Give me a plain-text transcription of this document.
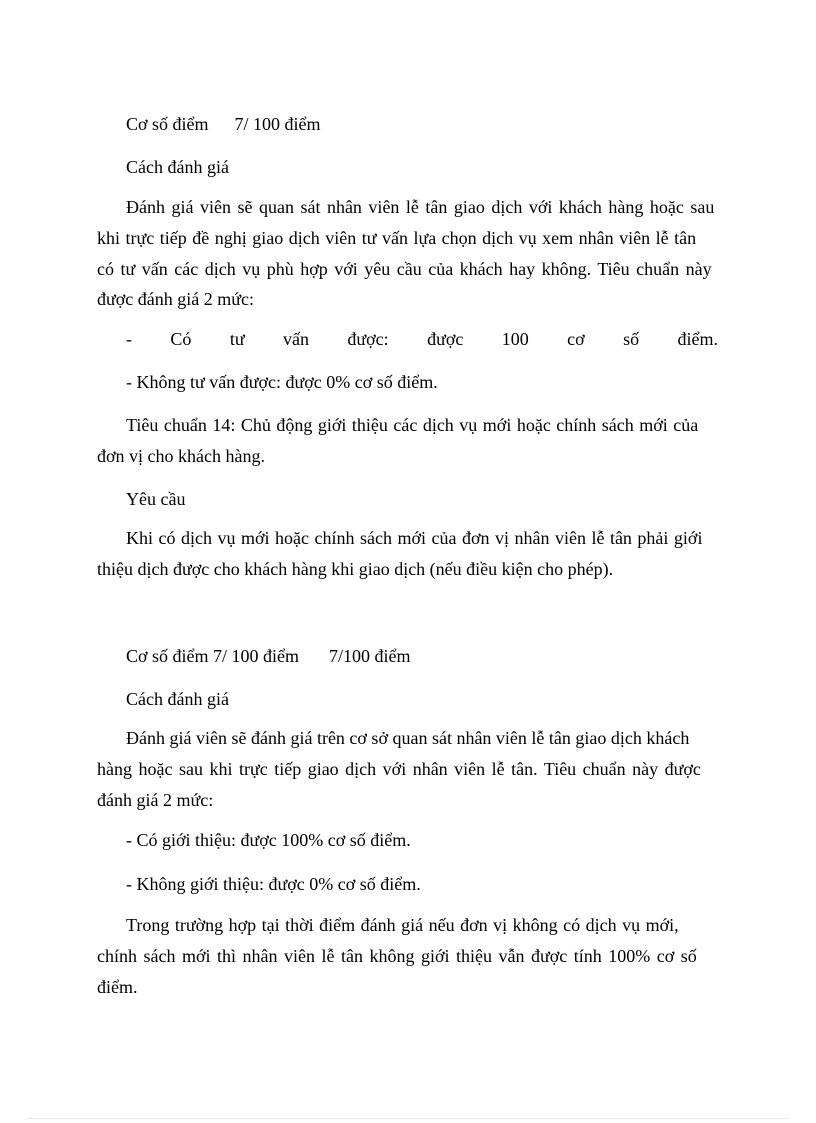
Cơ số điểm 7/ 100 điểm
Cách đánh giá
Đánh giá viên sẽ quan sát nhân viên lễ tân giao dịch với khách hàng hoặc sau
khi trực tiếp đề nghị giao dịch viên tư vấn lựa chọn dịch vụ xem nhân viên lễ tân
có tư vấn các dịch vụ phù hợp với yêu cầu của khách hay không. Tiêu chuẩn này
được đánh giá 2 mức:
- Có tư vấn được: được 100 cơ số điểm.
- Không tư vấn được: được 0% cơ số điểm.
Tiêu chuẩn 14: Chủ động giới thiệu các dịch vụ mới hoặc chính sách mới của
đơn vị cho khách hàng.
Yêu cầu
Khi có dịch vụ mới hoặc chính sách mới của đơn vị nhân viên lễ tân phải giới
thiệu dịch được cho khách hàng khi giao dịch (nếu điều kiện cho phép).
Cơ số điểm 7/ 100 điểm 7/100 điểm
Cách đánh giá
Đánh giá viên sẽ đánh giá trên cơ sở quan sát nhân viên lễ tân giao dịch khách
hàng hoặc sau khi trực tiếp giao dịch với nhân viên lễ tân. Tiêu chuẩn này được
đánh giá 2 mức:
- Có giới thiệu: được 100% cơ số điểm.
- Không giới thiệu: được 0% cơ số điểm.
Trong trường hợp tại thời điểm đánh giá nếu đơn vị không có dịch vụ mới,
chính sách mới thì nhân viên lễ tân không giới thiệu vẫn được tính 100% cơ số
điểm.
